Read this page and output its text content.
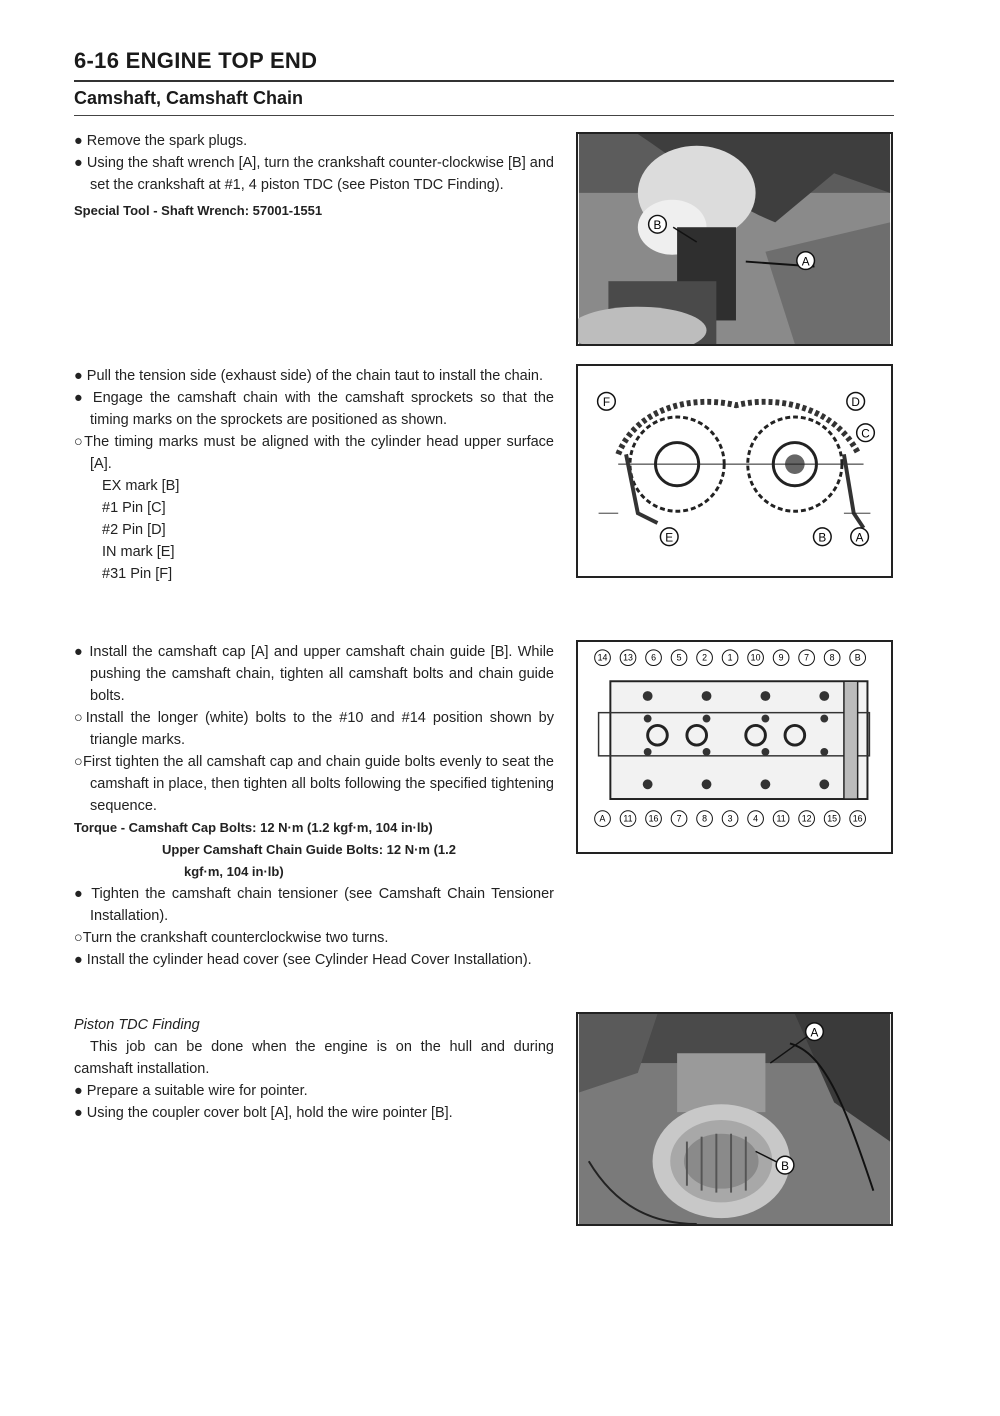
6-16 ENGINE TOP END
Camshaft, Camshaft Chain

● Remove the spark plugs.

● Using the shaft wrench [A], turn the crankshaft counter-clockwise [B] and set the crankshaft at #1, 4 piston TDC (see Piston TDC Finding).

Special Tool - Shaft Wrench: 57001-1551

B
A

● Pull the tension side (exhaust side) of the chain taut to install the chain.

● Engage the camshaft chain with the camshaft sprockets so that the timing marks on the sprockets are positioned as shown.

○The timing marks must be aligned with the cylinder head upper surface [A].

EX mark [B]

#1 Pin [C]

#2 Pin [D]

IN mark [E]

#31 Pin [F]

F	D
C
E	B A

● Install the camshaft cap [A] and upper camshaft chain guide [B]. While pushing the camshaft chain, tighten all camshaft bolts and chain guide bolts.

○Install the longer (white) bolts to the #10 and #14 position shown by triangle marks.

○First tighten the all camshaft cap and chain guide bolts evenly to seat the camshaft in place, then tighten all bolts following the specified tightening sequence.

Torque - Camshaft Cap Bolts: 12 N·m (1.2 kgf·m, 104 in·lb)

Upper Camshaft Chain Guide Bolts: 12 N·m (1.2

kgf·m, 104 in·lb)

● Tighten the camshaft chain tensioner (see Camshaft Chain Tensioner Installation).

○Turn the crankshaft counterclockwise two turns.

● Install the cylinder head cover (see Cylinder Head Cover Installation).

14 13 6 5 2 1 10 9 7 8 B
A 11 16 7 8 3 4 11 12 15 16

Piston TDC Finding

This job can be done when the engine is on the hull and during camshaft installation.

● Prepare a suitable wire for pointer.

● Using the coupler cover bolt [A], hold the wire pointer [B].

A
B
